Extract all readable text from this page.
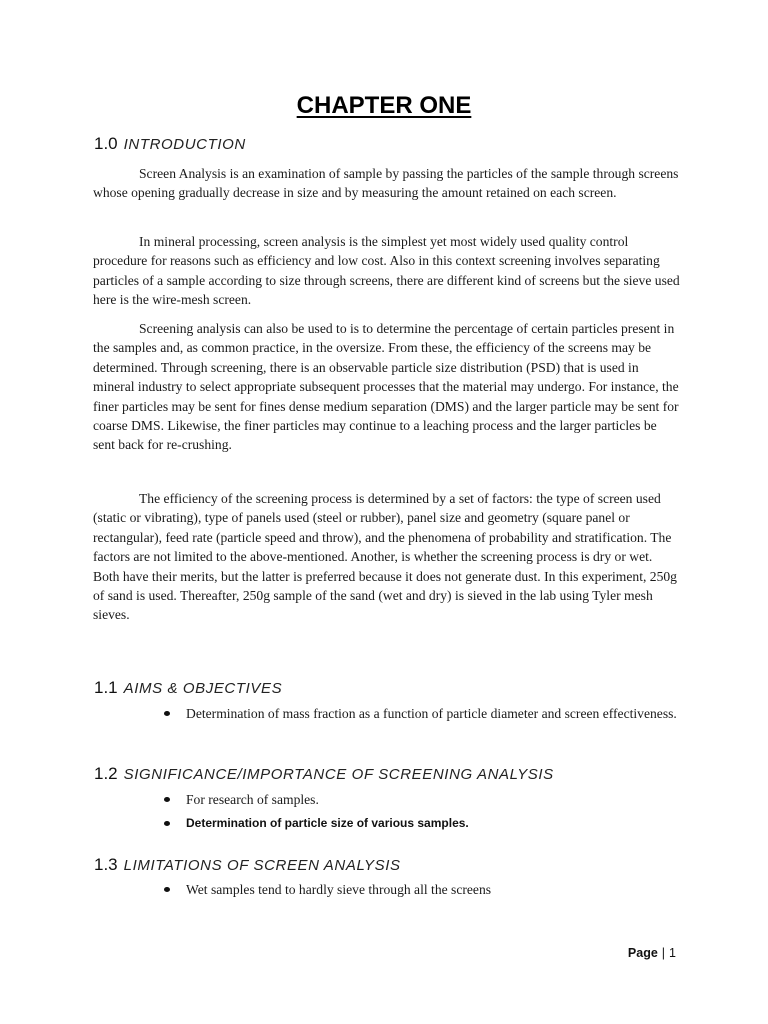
CHAPTER ONE
1.0 INTRODUCTION

Screen Analysis is an examination of sample by passing the particles of the sample through screens whose opening gradually decrease in size and by measuring the amount retained on each screen.

In mineral processing, screen analysis is the simplest yet most widely used quality control procedure for reasons such as efficiency and low cost. Also in this context screening involves separating particles of a sample according to size through screens, there are different kind of screens but the sieve used here is the wire-mesh screen.

Screening analysis can also be used to is to determine the percentage of certain particles present in the samples and, as common practice, in the oversize. From these, the efficiency of the screens may be determined. Through screening, there is an observable particle size distribution (PSD) that is used in mineral industry to select appropriate subsequent processes that the material may undergo. For instance, the finer particles may be sent for fines dense medium separation (DMS) and the larger particle may be sent for coarse DMS. Likewise, the finer particles may continue to a leaching process and the larger particles be sent back for re-crushing.

The efficiency of the screening process is determined by a set of factors: the type of screen used (static or vibrating), type of panels used (steel or rubber), panel size and geometry (square panel or rectangular), feed rate (particle speed and throw), and the phenomena of probability and stratification. The factors are not limited to the above-mentioned. Another, is whether the screening process is dry or wet. Both have their merits, but the latter is preferred because it does not generate dust. In this experiment, 250g of sand is used. Thereafter, 250g sample of the sand (wet and dry) is sieved in the lab using Tyler mesh sieves.

1.1 AIMS & OBJECTIVES
Determination of mass fraction as a function of particle diameter and screen effectiveness.
1.2 SIGNIFICANCE/IMPORTANCE OF SCREENING ANALYSIS
For research of samples.
Determination of particle size of various samples.
1.3 LIMITATIONS OF SCREEN ANALYSIS
Wet samples tend to hardly sieve through all the screens
Page | 1
